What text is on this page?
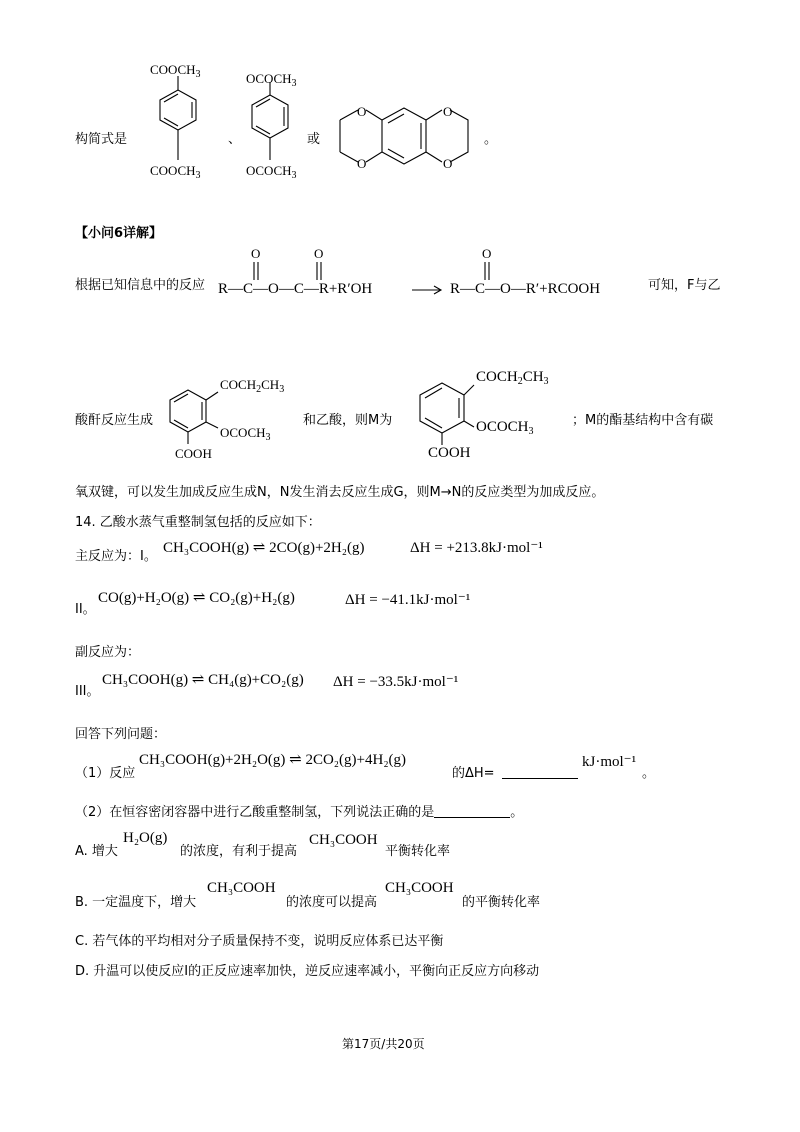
构简式是
$COOCH_3$
$COOCH_3$
、
$OCOCH_3$
$OCOCH_3$
或
O
O
O
O
。
【小问6详解】
根据已知信息中的反应
O	O	O
R—C—O—C—R+R′OH	R—C—O—R′+RCOOH	可知，F与乙
酸酐反应生成
$COCH_2CH_3$
$OCOCH_3$
COOH
和乙酸，则M为
$COCH_2CH_3$
$OCOCH_3$
COOH
；M的酯基结构中含有碳
氧双键，可以发生加成反应生成N，N发生消去反应生成G，则M→N的反应类型为加成反应。
14. 乙酸水蒸气重整制氢包括的反应如下：
主反应为：I。
CH₃COOH(g) ⇌ 2CO(g)+2H₂(g)	ΔH = +213.8kJ·mol⁻¹
II。
CO(g)+H₂O(g) ⇌ CO₂(g)+H₂(g)	ΔH = −41.1kJ·mol⁻¹
副反应为：
III。
CH₃COOH(g) ⇌ CH₄(g)+CO₂(g) ΔH = −33.5kJ·mol⁻¹
回答下列问题：
（1）反应
CH₃COOH(g)+2H₂O(g) ⇌ 2CO₂(g)+4H₂(g)
的ΔH=
kJ·mol⁻¹
。
（2）在恒容密闭容器中进行乙酸重整制氢，下列说法正确的是	。
A. 增大
H₂O(g)
的浓度，有利于提高
CH₃COOH
平衡转化率
B. 一定温度下，增大
CH₃COOH
的浓度可以提高
CH₃COOH
的平衡转化率
C. 若气体的平均相对分子质量保持不变，说明反应体系已达平衡
D. 升温可以使反应I的正反应速率加快，逆反应速率减小，平衡向正反应方向移动
第17页/共20页
